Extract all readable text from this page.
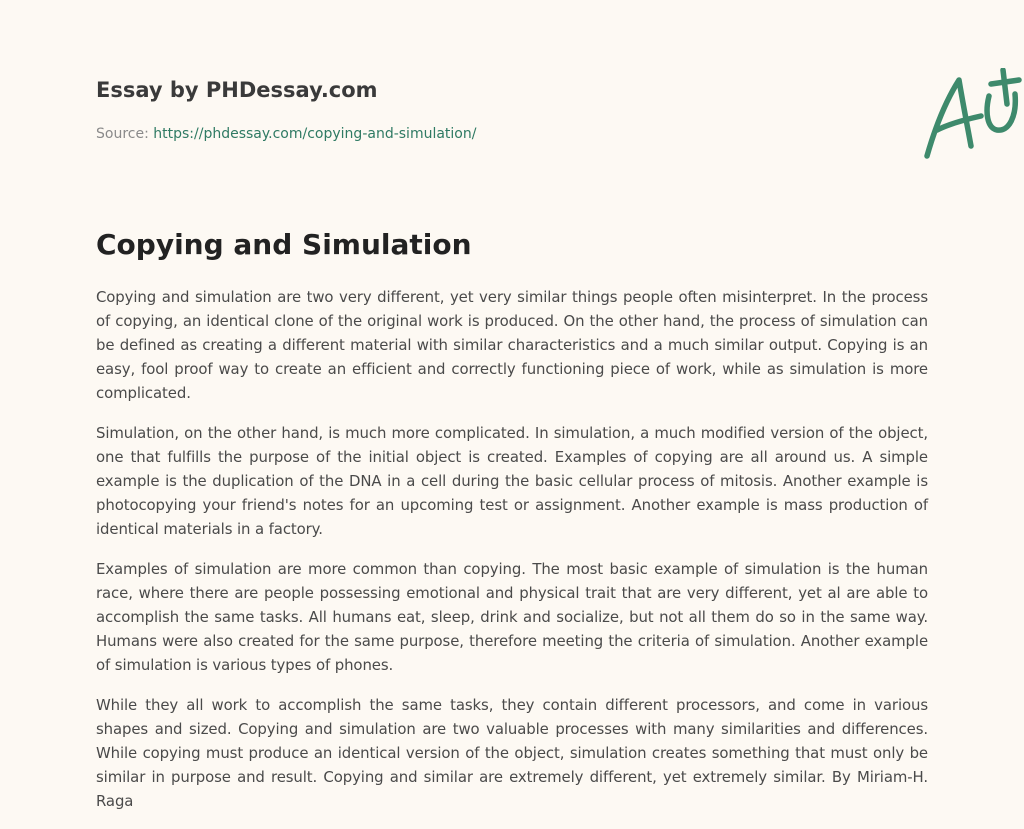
Essay by PHDessay.com
Source: https://phdessay.com/copying-and-simulation/
Copying and Simulation

Copying and simulation are two very different, yet very similar things people often misinterpret. In the process of copying, an identical clone of the original work is produced. On the other hand, the process of simulation can be defined as creating a different material with similar characteristics and a much similar output. Copying is an easy, fool proof way to create an efficient and correctly functioning piece of work, while as simulation is more complicated.

Simulation, on the other hand, is much more complicated. In simulation, a much modified version of the object, one that fulfills the purpose of the initial object is created. Examples of copying are all around us. A simple example is the duplication of the DNA in a cell during the basic cellular process of mitosis. Another example is photocopying your friend's notes for an upcoming test or assignment. Another example is mass production of identical materials in a factory.

Examples of simulation are more common than copying. The most basic example of simulation is the human race, where there are people possessing emotional and physical trait that are very different, yet al are able to accomplish the same tasks. All humans eat, sleep, drink and socialize, but not all them do so in the same way. Humans were also created for the same purpose, therefore meeting the criteria of simulation. Another example of simulation is various types of phones.

While they all work to accomplish the same tasks, they contain different processors, and come in various shapes and sized. Copying and simulation are two valuable processes with many similarities and differences. While copying must produce an identical version of the object, simulation creates something that must only be similar in purpose and result. Copying and similar are extremely different, yet extremely similar. By Miriam-H. Raga
